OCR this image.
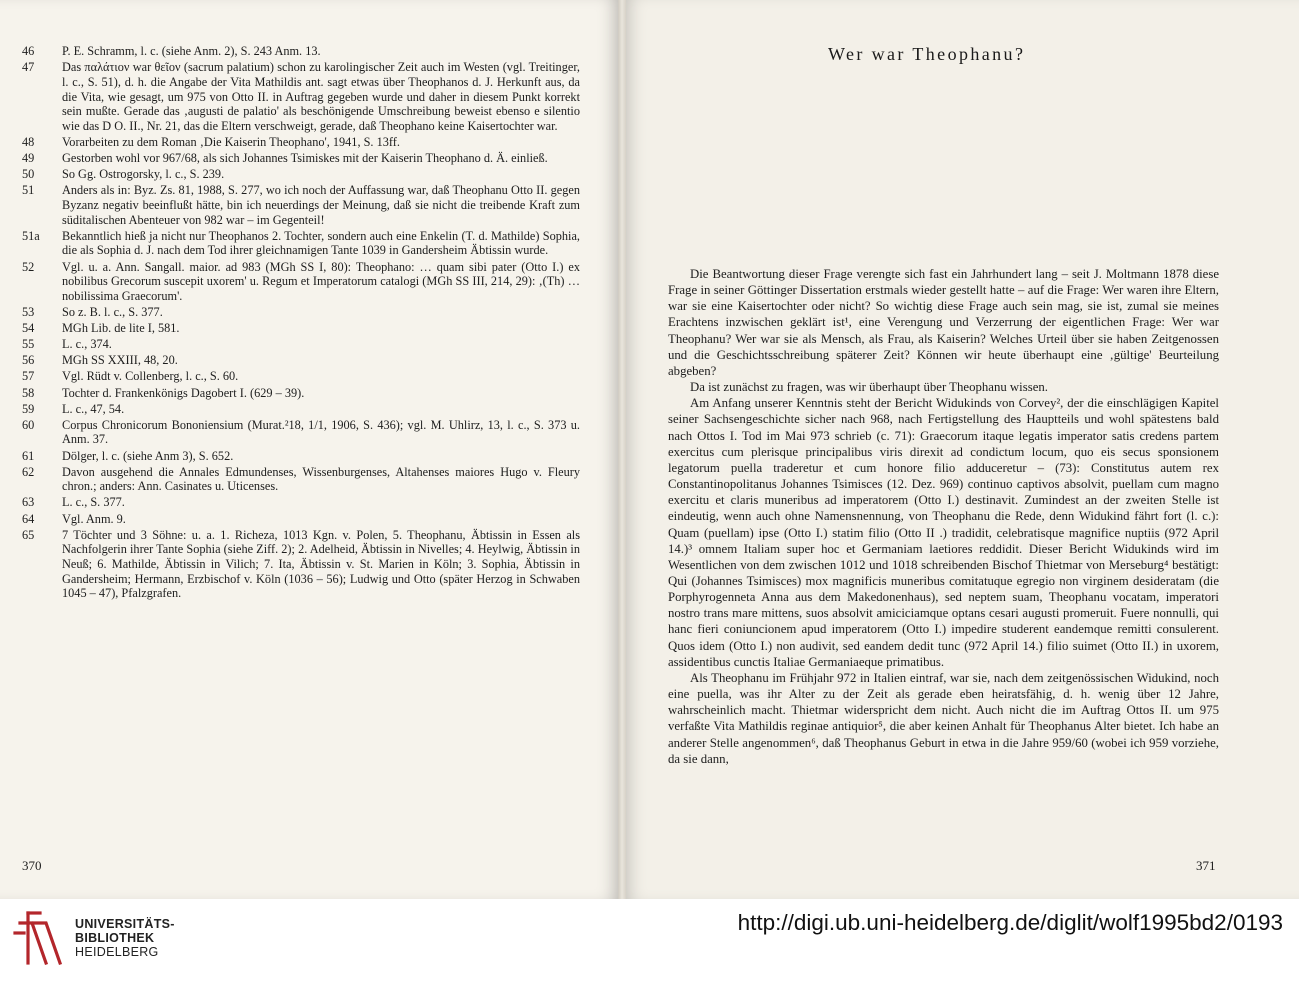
46	P. E. Schramm, l. c. (siehe Anm. 2), S. 243 Anm. 13.
47	Das παλάτιον war θεῖον (sacrum palatium) schon zu karolingischer Zeit auch im Westen (vgl. Treitinger, l. c., S. 51), d. h. die Angabe der Vita Mathildis ant. sagt etwas über Theophanos d. J. Herkunft aus, da die Vita, wie gesagt, um 975 von Otto II. in Auftrag gegeben wurde und daher in diesem Punkt korrekt sein mußte. Gerade das ‚augusti de palatio' als beschönigende Umschreibung beweist ebenso e silentio wie das D O. II., Nr. 21, das die Eltern verschweigt, gerade, daß Theophano keine Kaisertochter war.
48	Vorarbeiten zu dem Roman ‚Die Kaiserin Theophano', 1941, S. 13ff.
49	Gestorben wohl vor 967/68, als sich Johannes Tsimiskes mit der Kaiserin Theophano d. Ä. einließ.
50	So Gg. Ostrogorsky, l. c., S. 239.
51	Anders als in: Byz. Zs. 81, 1988, S. 277, wo ich noch der Auffassung war, daß Theophanu Otto II. gegen Byzanz negativ beeinflußt hätte, bin ich neuerdings der Meinung, daß sie nicht die treibende Kraft zum süditalischen Abenteuer von 982 war – im Gegenteil!
51a	Bekanntlich hieß ja nicht nur Theophanos 2. Tochter, sondern auch eine Enkelin (T. d. Mathilde) Sophia, die als Sophia d. J. nach dem Tod ihrer gleichnamigen Tante 1039 in Gandersheim Äbtissin wurde.
52	Vgl. u. a. Ann. Sangall. maior. ad 983 (MGh SS I, 80): Theophano: … quam sibi pater (Otto I.) ex nobilibus Grecorum suscepit uxorem' u. Regum et Imperatorum catalogi (MGh SS III, 214, 29): ‚(Th) … nobilissima Graecorum'.
53	So z. B. l. c., S. 377.
54	MGh Lib. de lite I, 581.
55	L. c., 374.
56	MGh SS XXIII, 48, 20.
57	Vgl. Rüdt v. Collenberg, l. c., S. 60.
58	Tochter d. Frankenkönigs Dagobert I. (629 – 39).
59	L. c., 47, 54.
60	Corpus Chronicorum Bononiensium (Murat.²18, 1/1, 1906, S. 436); vgl. M. Uhlirz, 13, l. c., S. 373 u. Anm. 37.
61	Dölger, l. c. (siehe Anm 3), S. 652.
62	Davon ausgehend die Annales Edmundenses, Wissenburgenses, Altahenses maiores Hugo v. Fleury chron.; anders: Ann. Casinates u. Uticenses.
63	L. c., S. 377.
64	Vgl. Anm. 9.
65	7 Töchter und 3 Söhne: u. a. 1. Richeza, 1013 Kgn. v. Polen, 5. Theophanu, Äbtissin in Essen als Nachfolgerin ihrer Tante Sophia (siehe Ziff. 2); 2. Adelheid, Äbtissin in Nivelles; 4. Heylwig, Äbtissin in Neuß; 6. Mathilde, Äbtissin in Vilich; 7. Ita, Äbtissin v. St. Marien in Köln; 3. Sophia, Äbtissin in Gandersheim; Hermann, Erzbischof v. Köln (1036 – 56); Ludwig und Otto (später Herzog in Schwaben 1045 – 47), Pfalzgrafen.
370
Wer war Theophanu?

Die Beantwortung dieser Frage verengte sich fast ein Jahrhundert lang – seit J. Moltmann 1878 diese Frage in seiner Göttinger Dissertation erstmals wieder gestellt hatte – auf die Frage: Wer waren ihre Eltern, war sie eine Kaisertochter oder nicht? So wichtig diese Frage auch sein mag, sie ist, zumal sie meines Erachtens inzwischen geklärt ist¹, eine Verengung und Verzerrung der eigentlichen Frage: Wer war Theophanu? Wer war sie als Mensch, als Frau, als Kaiserin? Welches Urteil über sie haben Zeitgenossen und die Geschichtsschreibung späterer Zeit? Können wir heute überhaupt eine ‚gültige' Beurteilung abgeben?

Da ist zunächst zu fragen, was wir überhaupt über Theophanu wissen.

Am Anfang unserer Kenntnis steht der Bericht Widukinds von Corvey², der die einschlägigen Kapitel seiner Sachsengeschichte sicher nach 968, nach Fertigstellung des Hauptteils und wohl spätestens bald nach Ottos I. Tod im Mai 973 schrieb (c. 71): Graecorum itaque legatis imperator satis credens partem exercitus cum plerisque principalibus viris direxit ad condictum locum, quo eis secus sponsionem legatorum puella traderetur et cum honore filio adduceretur – (73): Constitutus autem rex Constantinopolitanus Johannes Tsimisces (12. Dez. 969) continuo captivos absolvit, puellam cum magno exercitu et claris muneribus ad imperatorem (Otto I.) destinavit. Zumindest an der zweiten Stelle ist eindeutig, wenn auch ohne Namensnennung, von Theophanu die Rede, denn Widukind fährt fort (l. c.): Quam (puellam) ipse (Otto I.) statim filio (Otto II .) tradidit, celebratisque magnifice nuptiis (972 April 14.)³ omnem Italiam super hoc et Germaniam laetiores reddidit. Dieser Bericht Widukinds wird im Wesentlichen von dem zwischen 1012 und 1018 schreibenden Bischof Thietmar von Merseburg⁴ bestätigt: Qui (Johannes Tsimisces) mox magnificis muneribus comitatuque egregio non virginem desideratam (die Porphyrogenneta Anna aus dem Makedonenhaus), sed neptem suam, Theophanu vocatam, imperatori nostro trans mare mittens, suos absolvit amiciciamque optans cesari augusti promeruit. Fuere nonnulli, qui hanc fieri coniuncionem apud imperatorem (Otto I.) impedire studerent eandemque remitti consulerent. Quos idem (Otto I.) non audivit, sed eandem dedit tunc (972 April 14.) filio suimet (Otto II.) in uxorem, assidentibus cunctis Italiae Germaniaeque primatibus.

Als Theophanu im Frühjahr 972 in Italien eintraf, war sie, nach dem zeitgenössischen Widukind, noch eine puella, was ihr Alter zu der Zeit als gerade eben heiratsfähig, d. h. wenig über 12 Jahre, wahrscheinlich macht. Thietmar widerspricht dem nicht. Auch nicht die im Auftrag Ottos II. um 975 verfaßte Vita Mathildis reginae antiquior⁵, die aber keinen Anhalt für Theophanus Alter bietet. Ich habe an anderer Stelle angenommen⁶, daß Theophanus Geburt in etwa in die Jahre 959/60 (wobei ich 959 vorziehe, da sie dann,

371
UNIVERSITÄTS-
BIBLIOTHEK
HEIDELBERG
http://digi.ub.uni-heidelberg.de/diglit/wolf1995bd2/0193
